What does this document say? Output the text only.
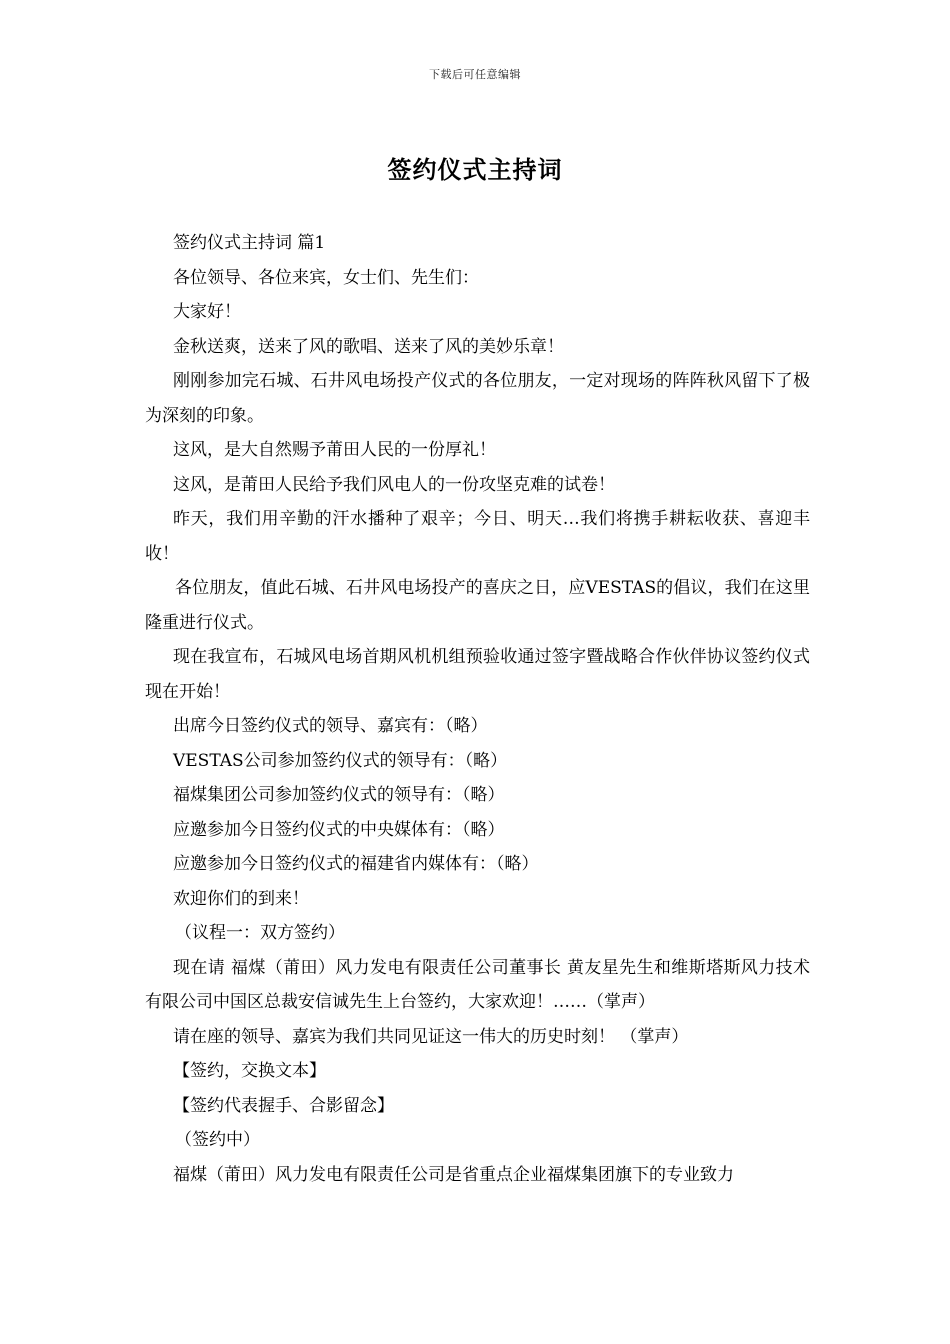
下载后可任意编辑
签约仪式主持词

签约仪式主持词 篇1

各位领导、各位来宾，女士们、先生们：

大家好！

金秋送爽，送来了风的歌唱、送来了风的美妙乐章！

刚刚参加完石城、石井风电场投产仪式的各位朋友，一定对现场的阵阵秋风留下了极为深刻的印象。

这风，是大自然赐予莆田人民的一份厚礼！

这风，是莆田人民给予我们风电人的一份攻坚克难的试卷！

昨天，我们用辛勤的汗水播种了艰辛；今日、明天…我们将携手耕耘收获、喜迎丰收！

各位朋友，值此石城、石井风电场投产的喜庆之日，应VESTAS的倡议，我们在这里隆重进行仪式。

现在我宣布，石城风电场首期风机机组预验收通过签字暨战略合作伙伴协议签约仪式现在开始！

出席今日签约仪式的领导、嘉宾有：（略）

VESTAS公司参加签约仪式的领导有：（略）

福煤集团公司参加签约仪式的领导有：（略）

应邀参加今日签约仪式的中央媒体有：（略）

应邀参加今日签约仪式的福建省内媒体有：（略）

欢迎你们的到来！

（议程一：双方签约）

现在请 福煤（莆田）风力发电有限责任公司董事长 黄友星先生和维斯塔斯风力技术有限公司中国区总裁安信诚先生上台签约，大家欢迎！……（掌声）

请在座的领导、嘉宾为我们共同见证这一伟大的历史时刻！ （掌声）

【签约，交换文本】

【签约代表握手、合影留念】

（签约中）

福煤（莆田）风力发电有限责任公司是省重点企业福煤集团旗下的专业致力
